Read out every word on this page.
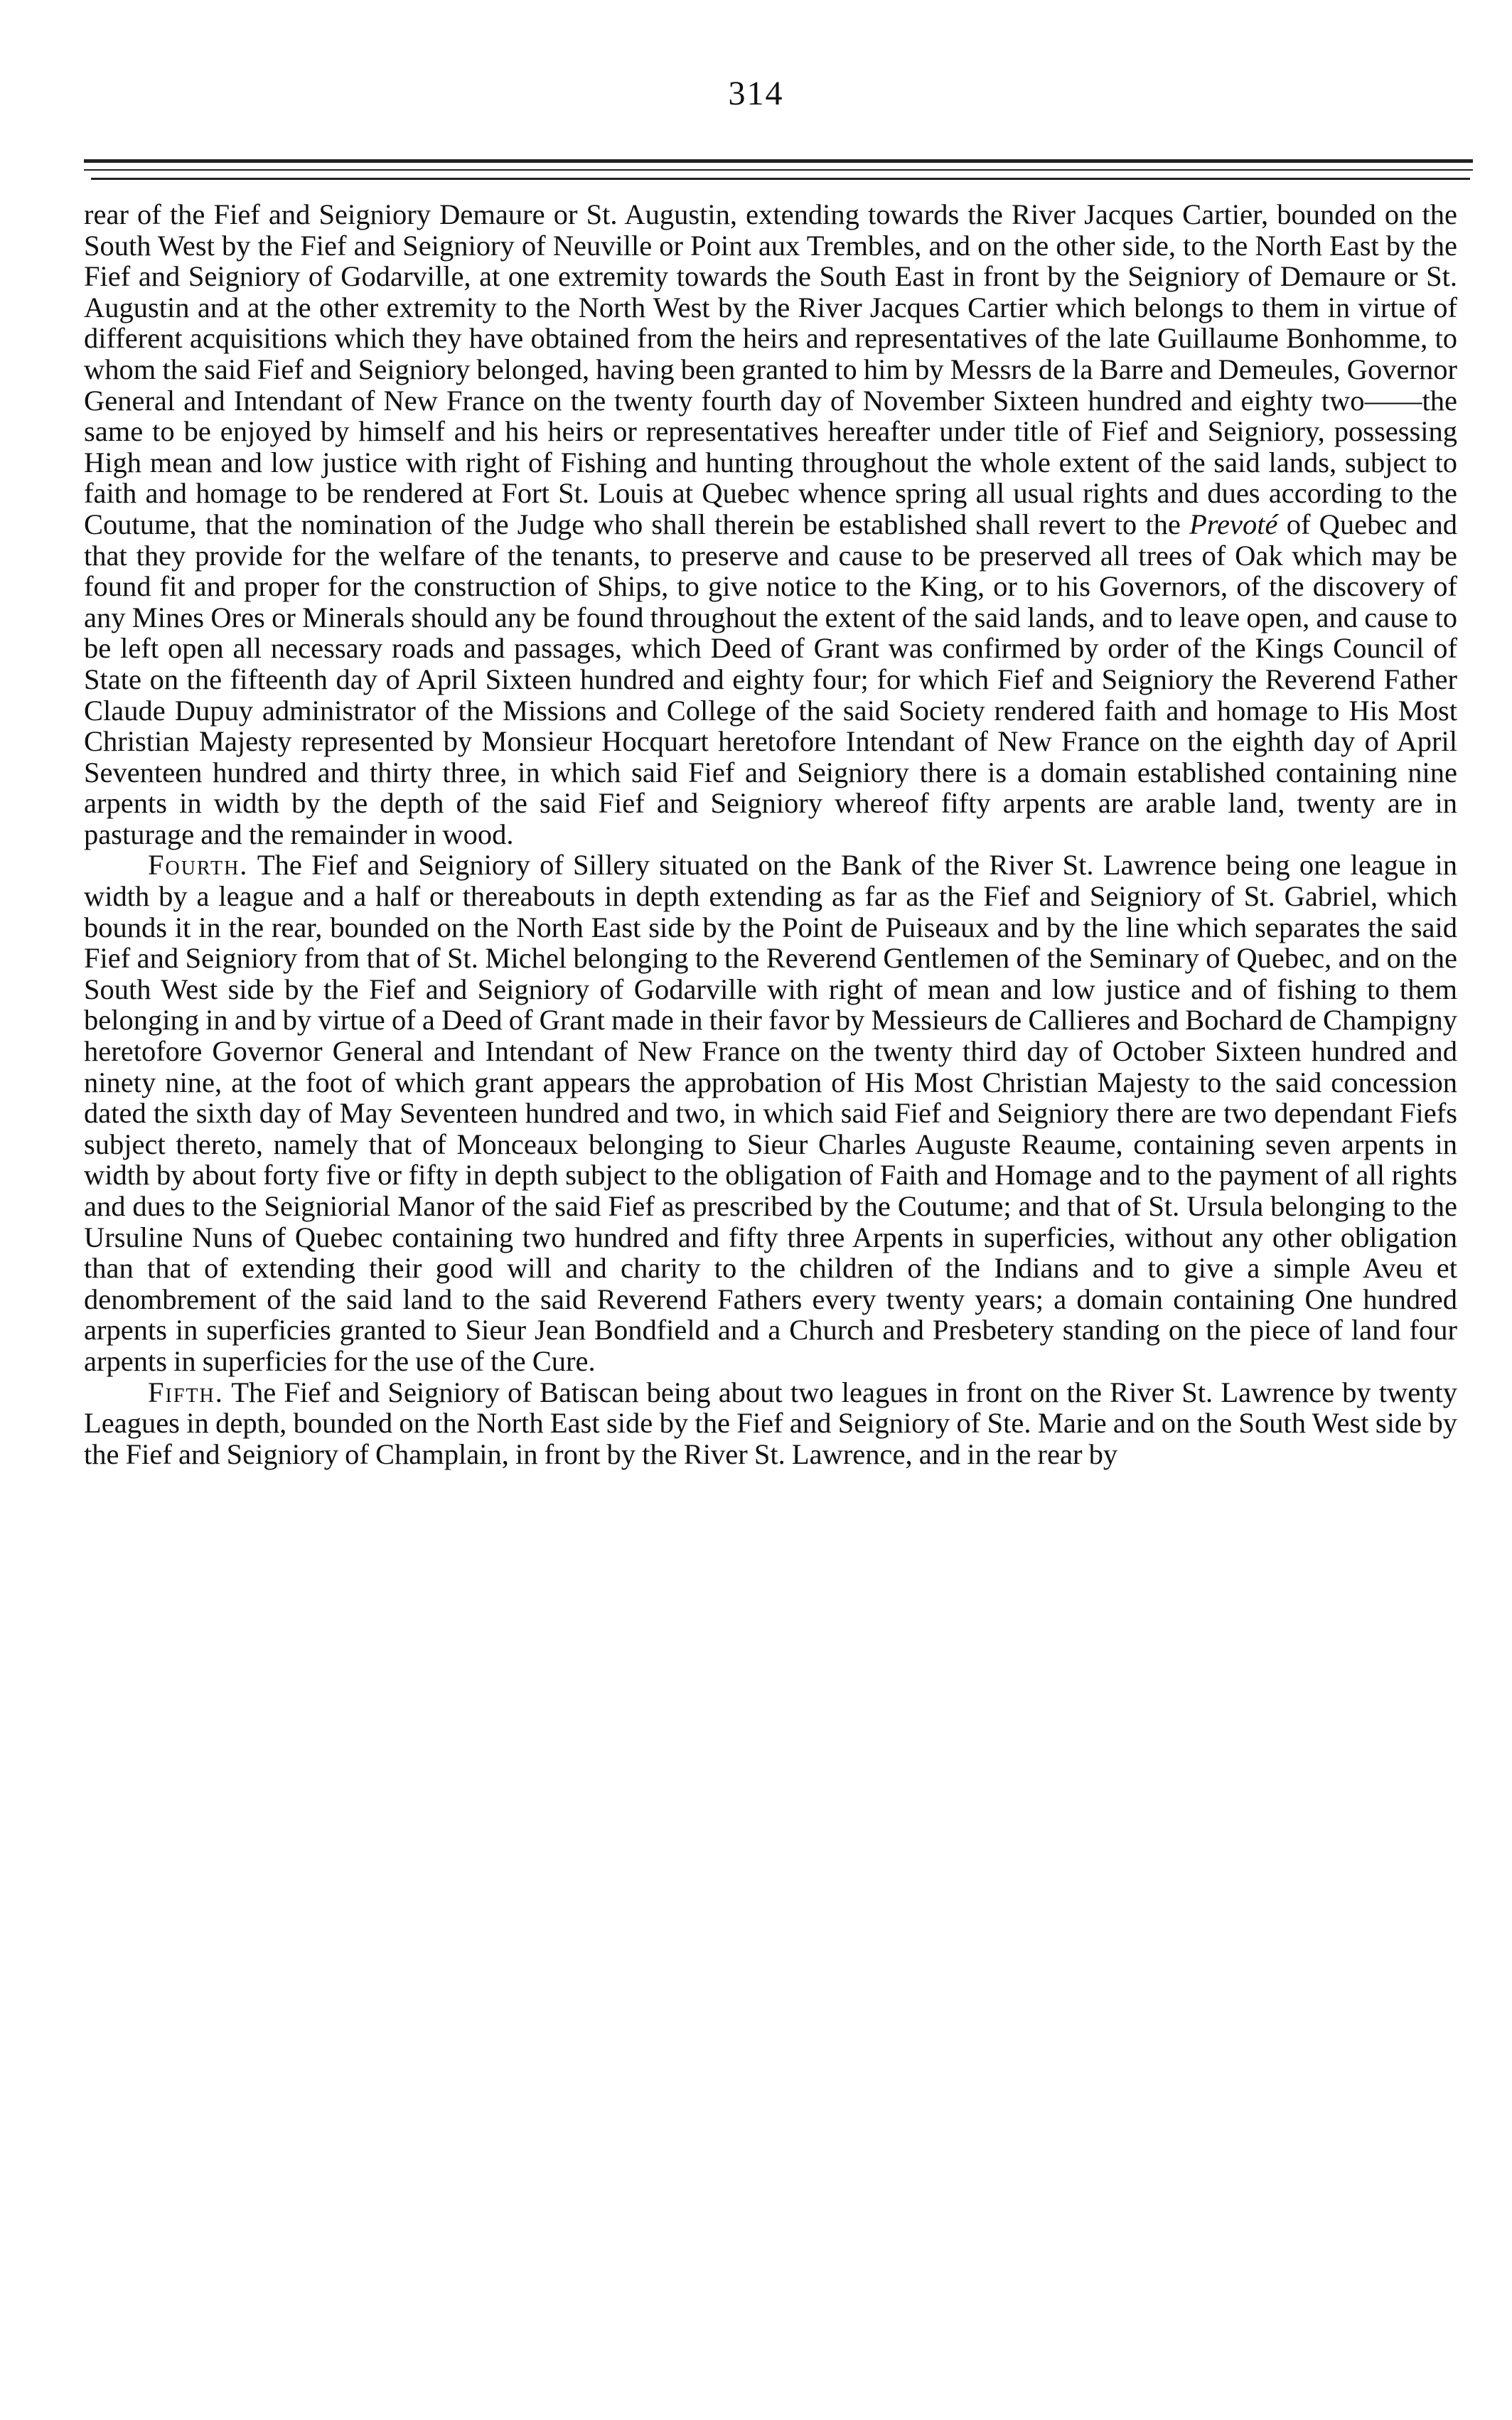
314

rear of the Fief and Seigniory Demaure or St. Augustin, extending towards the River Jacques Cartier, bounded on the South West by the Fief and Seigniory of Neuville or Point aux Trembles, and on the other side, to the North East by the Fief and Seigniory of Godarville, at one extremity towards the South East in front by the Seigniory of Demaure or St. Augustin and at the other extremity to the North West by the River Jacques Cartier which belongs to them in virtue of different acquisitions which they have obtained from the heirs and representatives of the late Guillaume Bonhomme, to whom the said Fief and Seigniory belonged, having been granted to him by Messrs de la Barre and Demeules, Governor General and Intendant of New France on the twenty fourth day of November Sixteen hundred and eighty two——the same to be enjoyed by himself and his heirs or representatives hereafter under title of Fief and Seigniory, possessing High mean and low justice with right of Fishing and hunting throughout the whole extent of the said lands, subject to faith and homage to be rendered at Fort St. Louis at Quebec whence spring all usual rights and dues according to the Coutume, that the nomination of the Judge who shall therein be established shall revert to the Prevoté of Quebec and that they provide for the welfare of the tenants, to preserve and cause to be preserved all trees of Oak which may be found fit and proper for the construction of Ships, to give notice to the King, or to his Governors, of the discovery of any Mines Ores or Minerals should any be found throughout the extent of the said lands, and to leave open, and cause to be left open all necessary roads and passages, which Deed of Grant was confirmed by order of the Kings Council of State on the fifteenth day of April Sixteen hundred and eighty four; for which Fief and Seigniory the Reverend Father Claude Dupuy administrator of the Missions and College of the said Society rendered faith and homage to His Most Christian Majesty represented by Monsieur Hocquart heretofore Intendant of New France on the eighth day of April Seventeen hundred and thirty three, in which said Fief and Seigniory there is a domain established containing nine arpents in width by the depth of the said Fief and Seigniory whereof fifty arpents are arable land, twenty are in pasturage and the remainder in wood.

Fourth. The Fief and Seigniory of Sillery situated on the Bank of the River St. Lawrence being one league in width by a league and a half or thereabouts in depth extending as far as the Fief and Seigniory of St. Gabriel, which bounds it in the rear, bounded on the North East side by the Point de Puiseaux and by the line which separates the said Fief and Seigniory from that of St. Michel belonging to the Reverend Gentlemen of the Seminary of Quebec, and on the South West side by the Fief and Seigniory of Godarville with right of mean and low justice and of fishing to them belonging in and by virtue of a Deed of Grant made in their favor by Messieurs de Callieres and Bochard de Champigny heretofore Governor General and Intendant of New France on the twenty third day of October Sixteen hundred and ninety nine, at the foot of which grant appears the approbation of His Most Christian Majesty to the said concession dated the sixth day of May Seventeen hundred and two, in which said Fief and Seigniory there are two dependant Fiefs subject thereto, namely that of Monceaux belonging to Sieur Charles Auguste Reaume, containing seven arpents in width by about forty five or fifty in depth subject to the obligation of Faith and Homage and to the payment of all rights and dues to the Seigniorial Manor of the said Fief as prescribed by the Coutume; and that of St. Ursula belonging to the Ursuline Nuns of Quebec containing two hundred and fifty three Arpents in superficies, without any other obligation than that of extending their good will and charity to the children of the Indians and to give a simple Aveu et denombrement of the said land to the said Reverend Fathers every twenty years; a domain containing One hundred arpents in superficies granted to Sieur Jean Bondfield and a Church and Presbetery standing on the piece of land four arpents in superficies for the use of the Cure.

Fifth. The Fief and Seigniory of Batiscan being about two leagues in front on the River St. Lawrence by twenty Leagues in depth, bounded on the North East side by the Fief and Seigniory of Ste. Marie and on the South West side by the Fief and Seigniory of Champlain, in front by the River St. Lawrence, and in the rear by
